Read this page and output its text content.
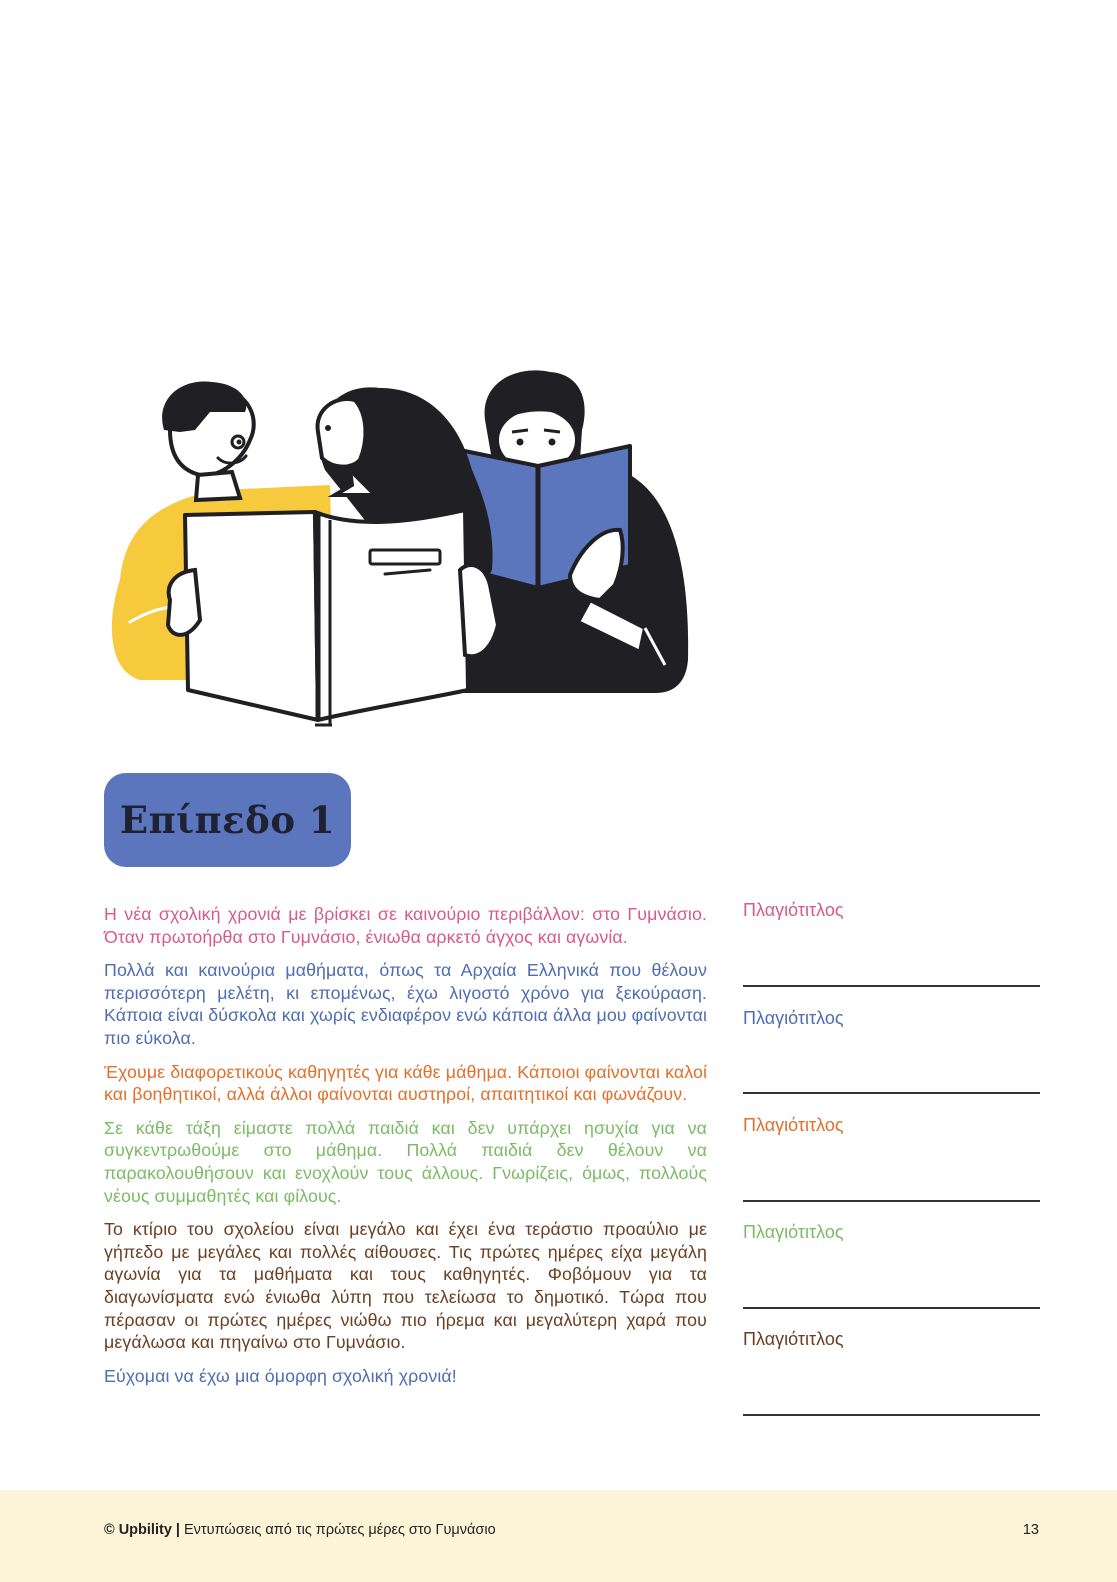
Επίπεδο 1

Η νέα σχολική χρονιά με βρίσκει σε καινούριο περιβάλλον: στο Γυμνάσιο. Όταν πρωτοήρθα στο Γυμνάσιο, ένιωθα αρκετό άγχος και αγωνία.

Πολλά και καινούρια μαθήματα, όπως τα Αρχαία Ελληνικά που θέλουν περισσότερη μελέτη, κι επομένως, έχω λιγοστό χρόνο για ξεκούραση. Κάποια είναι δύσκολα και χωρίς ενδιαφέρον ενώ κάποια άλλα μου φαίνονται πιο εύκολα.

Έχουμε διαφορετικούς καθηγητές για κάθε μάθημα. Κάποιοι φαίνονται καλοί και βοηθητικοί, αλλά άλλοι φαίνονται αυστηροί, απαιτητικοί και φωνάζουν.

Σε κάθε τάξη είμαστε πολλά παιδιά και δεν υπάρχει ησυχία για να συγκεντρωθούμε στο μάθημα. Πολλά παιδιά δεν θέλουν να παρακολουθήσουν και ενοχλούν τους άλλους. Γνωρίζεις, όμως, πολλούς νέους συμμαθητές και φίλους.

Το κτίριο του σχολείου είναι μεγάλο και έχει ένα τεράστιο προαύλιο με γήπεδο με μεγάλες και πολλές αίθουσες. Τις πρώτες ημέρες είχα μεγάλη αγωνία για τα μαθήματα και τους καθηγητές. Φοβόμουν για τα διαγωνίσματα ενώ ένιωθα λύπη που τελείωσα το δημοτικό. Τώρα που πέρασαν οι πρώτες ημέρες νιώθω πιο ήρεμα και μεγαλύτερη χαρά που μεγάλωσα και πηγαίνω στο Γυμνάσιο.

Εύχομαι να έχω μια όμορφη σχολική χρονιά!

Πλαγιότιτλος
Πλαγιότιτλος
Πλαγιότιτλος
Πλαγιότιτλος
Πλαγιότιτλος
© Upbility | Εντυπώσεις από τις πρώτες μέρες στο Γυμνάσιο	13
